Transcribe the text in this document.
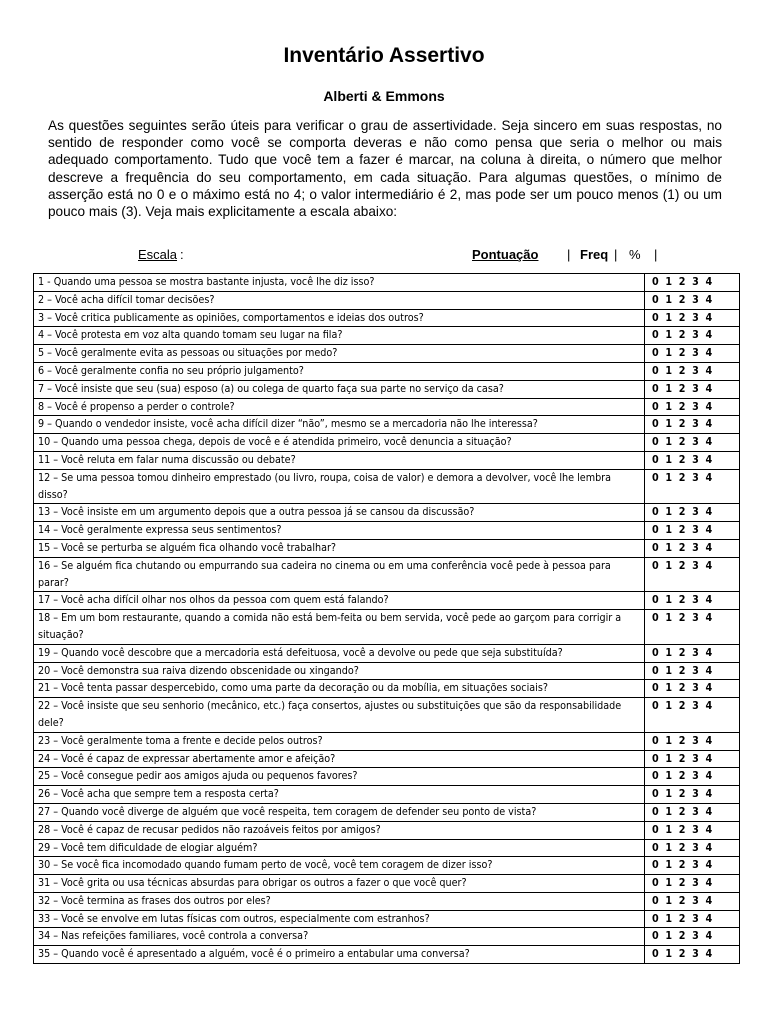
Inventário Assertivo
Alberti & Emmons

As questões seguintes serão úteis para verificar o grau de assertividade. Seja sincero em suas respostas, no sentido de responder como você se comporta deveras e não como pensa que seria o melhor ou mais adequado comportamento. Tudo que você tem a fazer é marcar, na coluna à direita, o número que melhor descreve a frequência do seu comportamento, em cada situação. Para algumas questões, o mínimo de asserção está no 0 e o máximo está no 4; o valor intermediário é 2, mas pode ser um pouco menos (1) ou um pouco mais (3). Veja mais explicitamente a escala abaixo:

Escala :	Pontuação | Freq | % |
1 - Quando uma pessoa se mostra bastante injusta, você lhe diz isso?	0  1  2  3  4
2 – Você acha difícil tomar decisões?	0  1  2  3  4
3 – Você critica publicamente as opiniões, comportamentos e ideias dos outros?	0  1  2  3  4
4 – Você protesta em voz alta quando tomam seu lugar na fila?	0  1  2  3  4
5 – Você geralmente evita as pessoas ou situações por medo?	0  1  2  3  4
6 – Você geralmente confia no seu próprio julgamento?	0  1  2  3  4
7 – Você insiste que seu (sua) esposo (a) ou colega de quarto faça sua parte no serviço da casa?	0  1  2  3  4
8 – Você é propenso a perder o controle?	0  1  2  3  4
9 – Quando o vendedor insiste, você acha difícil dizer “não”, mesmo se a mercadoria não lhe interessa?	0  1  2  3  4
10 – Quando uma pessoa chega, depois de você e é atendida primeiro, você denuncia a situação?	0  1  2  3  4
11 – Você reluta em falar numa discussão ou debate?	0  1  2  3  4
12 – Se uma pessoa tomou dinheiro emprestado (ou livro, roupa, coisa de valor) e demora a devolver, você lhe lembra disso?	0  1  2  3  4
13 – Você insiste em um argumento depois que a outra pessoa já se cansou da discussão?	0  1  2  3  4
14 – Você geralmente expressa seus sentimentos?	0  1  2  3  4
15 – Você se perturba se alguém fica olhando você trabalhar?	0  1  2  3  4
16 – Se alguém fica chutando ou empurrando sua cadeira no cinema ou em uma conferência você pede à pessoa para parar?	0  1  2  3  4
17 – Você acha difícil olhar nos olhos da pessoa com quem está falando?	0  1  2  3  4
18 – Em um bom restaurante, quando a comida não está bem-feita ou bem servida, você pede ao garçom para corrigir a situação?	0  1  2  3  4
19 – Quando você descobre que a mercadoria está defeituosa, você a devolve ou pede que seja substituída?	0  1  2  3  4
20 – Você demonstra sua raiva dizendo obscenidade ou xingando?	0  1  2  3  4
21 – Você tenta passar despercebido, como uma parte da decoração ou da mobília, em situações sociais?	0  1  2  3  4
22 – Você insiste que seu senhorio (mecânico, etc.) faça consertos, ajustes ou substituições que são da responsabilidade dele?	0  1  2  3  4
23 – Você geralmente toma a frente e decide pelos outros?	0  1  2  3  4
24 – Você é capaz de expressar abertamente amor e afeição?	0  1  2  3  4
25 – Você consegue pedir aos amigos ajuda ou pequenos favores?	0  1  2  3  4
26 – Você acha que sempre tem a resposta certa?	0  1  2  3  4
27 – Quando você diverge de alguém que você respeita, tem coragem de defender seu ponto de vista?	0  1  2  3  4
28 – Você é capaz de recusar pedidos não razoáveis feitos por amigos?	0  1  2  3  4
29 – Você tem dificuldade de elogiar alguém?	0  1  2  3  4
30 – Se você fica incomodado quando fumam perto de você, você tem coragem de dizer isso?	0  1  2  3  4
31 – Você grita ou usa técnicas absurdas para obrigar os outros a fazer o que você quer?	0  1  2  3  4
32 – Você termina as frases dos outros por eles?	0  1  2  3  4
33 – Você se envolve em lutas físicas com outros, especialmente com estranhos?	0  1  2  3  4
34 – Nas refeições familiares, você controla a conversa?	0  1  2  3  4
35 – Quando você é apresentado a alguém, você é o primeiro a entabular uma conversa?	0  1  2  3  4
